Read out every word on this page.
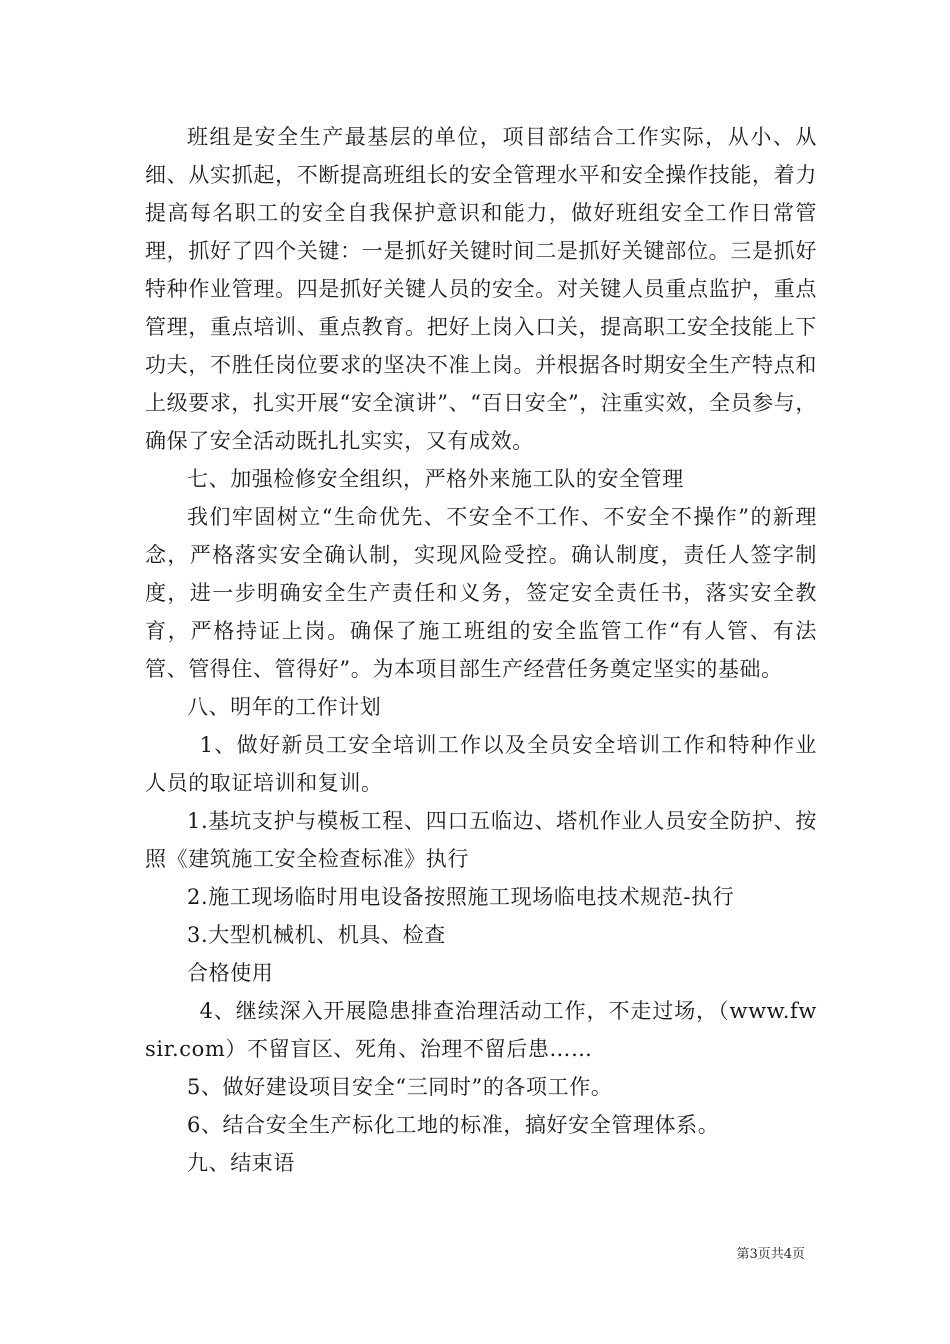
班组是安全生产最基层的单位，项目部结合工作实际，从小、从细、从实抓起，不断提高班组长的安全管理水平和安全操作技能，着力提高每名职工的安全自我保护意识和能力，做好班组安全工作日常管理，抓好了四个关键：一是抓好关键时间二是抓好关键部位。三是抓好特种作业管理。四是抓好关键人员的安全。对关键人员重点监护，重点管理，重点培训、重点教育。把好上岗入口关，提高职工安全技能上下功夫，不胜任岗位要求的坚决不准上岗。并根据各时期安全生产特点和上级要求，扎实开展“安全演讲”、“百日安全”，注重实效，全员参与，确保了安全活动既扎扎实实，又有成效。

七、加强检修安全组织，严格外来施工队的安全管理

我们牢固树立“生命优先、不安全不工作、不安全不操作”的新理念，严格落实安全确认制，实现风险受控。确认制度，责任人签字制度，进一步明确安全生产责任和义务，签定安全责任书，落实安全教育，严格持证上岗。确保了施工班组的安全监管工作“有人管、有法管、管得住、管得好”。为本项目部生产经营任务奠定坚实的基础。

八、明年的工作计划

1、做好新员工安全培训工作以及全员安全培训工作和特种作业人员的取证培训和复训。

1.基坑支护与模板工程、四口五临边、塔机作业人员安全防护、按照《建筑施工安全检查标准》执行

2.施工现场临时用电设备按照施工现场临电技术规范-执行

3.大型机械机、机具、检查

合格使用

4、继续深入开展隐患排查治理活动工作，不走过场，（www.fwsir.com）不留盲区、死角、治理不留后患……

5、做好建设项目安全“三同时”的各项工作。

6、结合安全生产标化工地的标准，搞好安全管理体系。

九、结束语

第3页共4页
